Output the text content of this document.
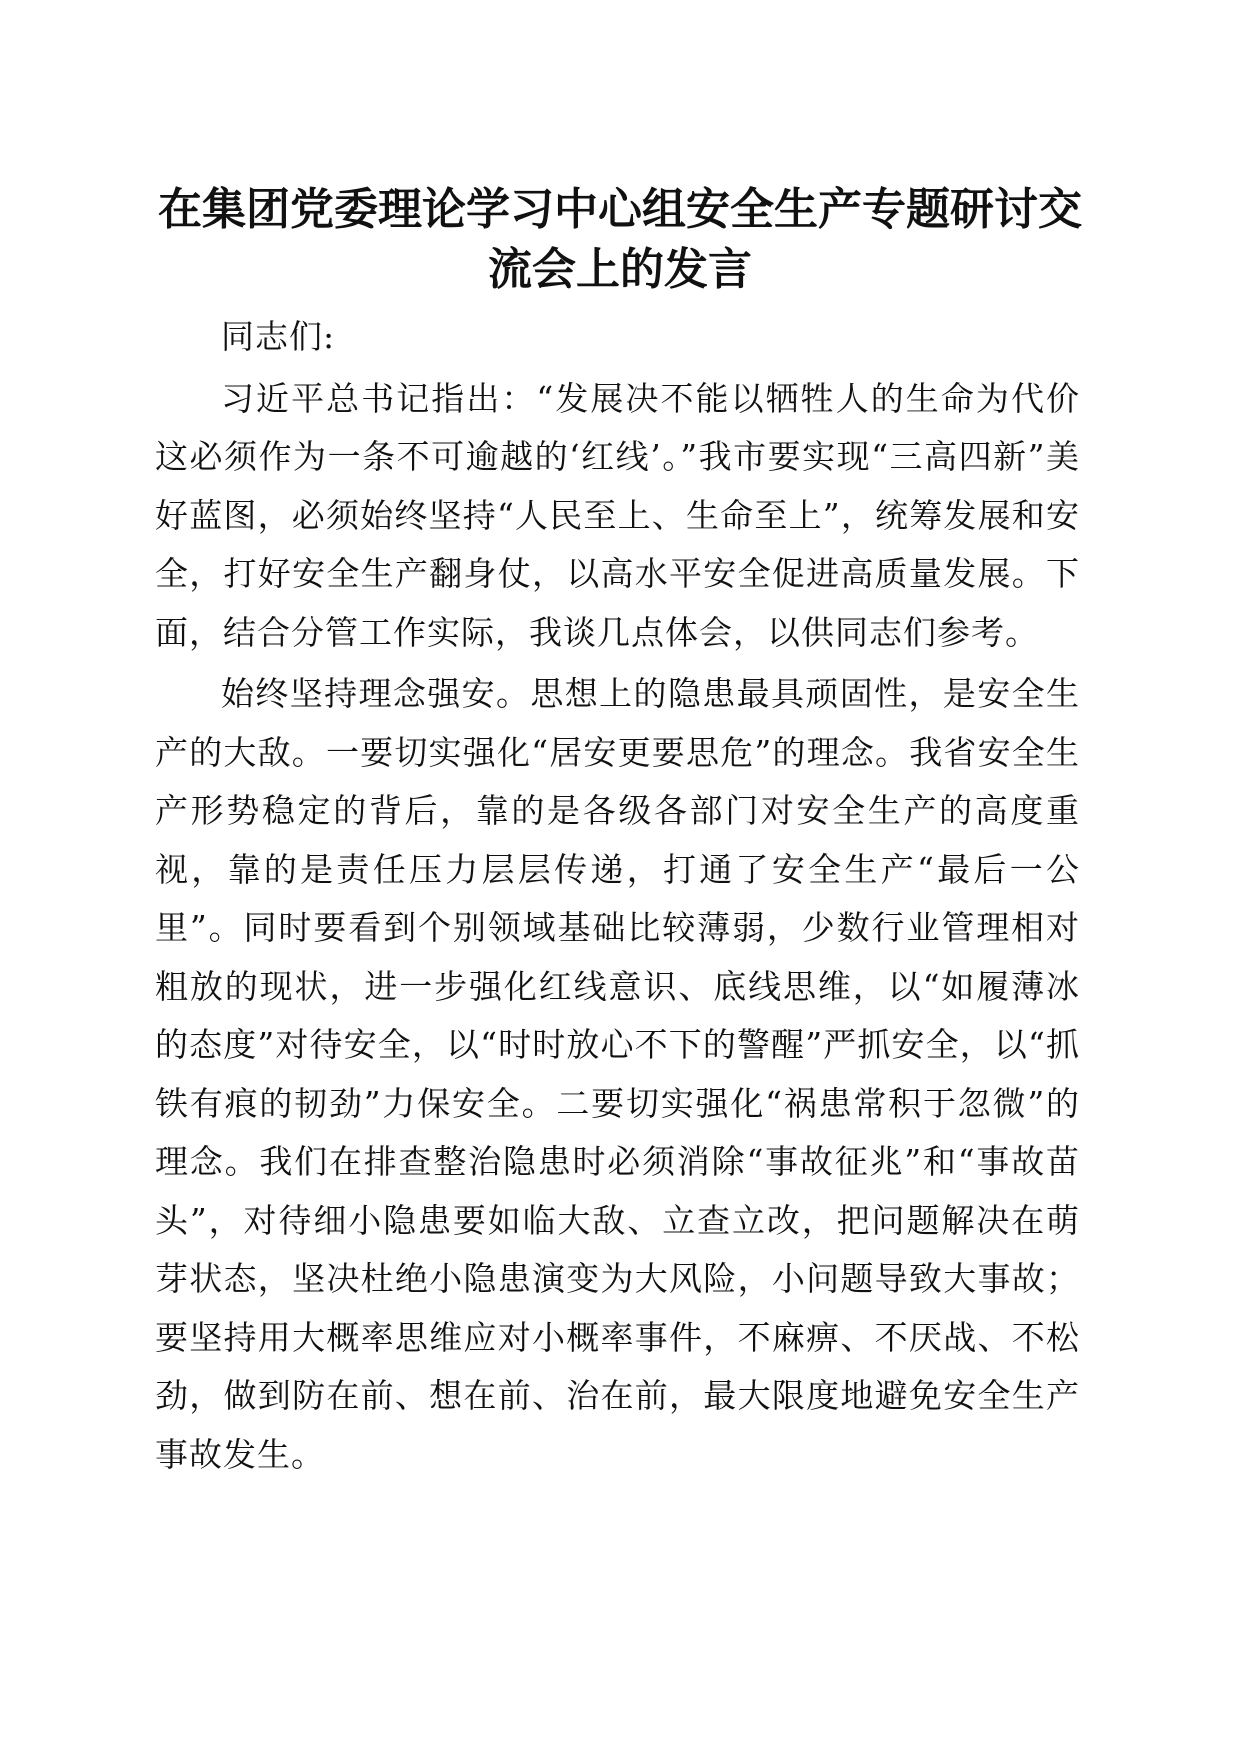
在集团党委理论学习中心组安全生产专题研讨交流会上的发言

同志们:

习近平总书记指出：“发展决不能以牺牲人的生命为代价这必须作为一条不可逾越的‘红线’。”我市要实现“三高四新”美好蓝图，必须始终坚持“人民至上、生命至上”，统筹发展和安全，打好安全生产翻身仗，以高水平安全促进高质量发展。下面，结合分管工作实际，我谈几点体会，以供同志们参考。

始终坚持理念强安。思想上的隐患最具顽固性，是安全生产的大敌。一要切实强化“居安更要思危”的理念。我省安全生产形势稳定的背后，靠的是各级各部门对安全生产的高度重视，靠的是责任压力层层传递，打通了安全生产“最后一公里”。同时要看到个别领域基础比较薄弱，少数行业管理相对粗放的现状，进一步强化红线意识、底线思维，以“如履薄冰的态度”对待安全，以“时时放心不下的警醒”严抓安全，以“抓铁有痕的韧劲”力保安全。二要切实强化“祸患常积于忽微”的理念。我们在排查整治隐患时必须消除“事故征兆”和“事故苗头”，对待细小隐患要如临大敌、立查立改，把问题解决在萌芽状态，坚决杜绝小隐患演变为大风险，小问题导致大事故；要坚持用大概率思维应对小概率事件，不麻痹、不厌战、不松劲，做到防在前、想在前、治在前，最大限度地避免安全生产事故发生。
